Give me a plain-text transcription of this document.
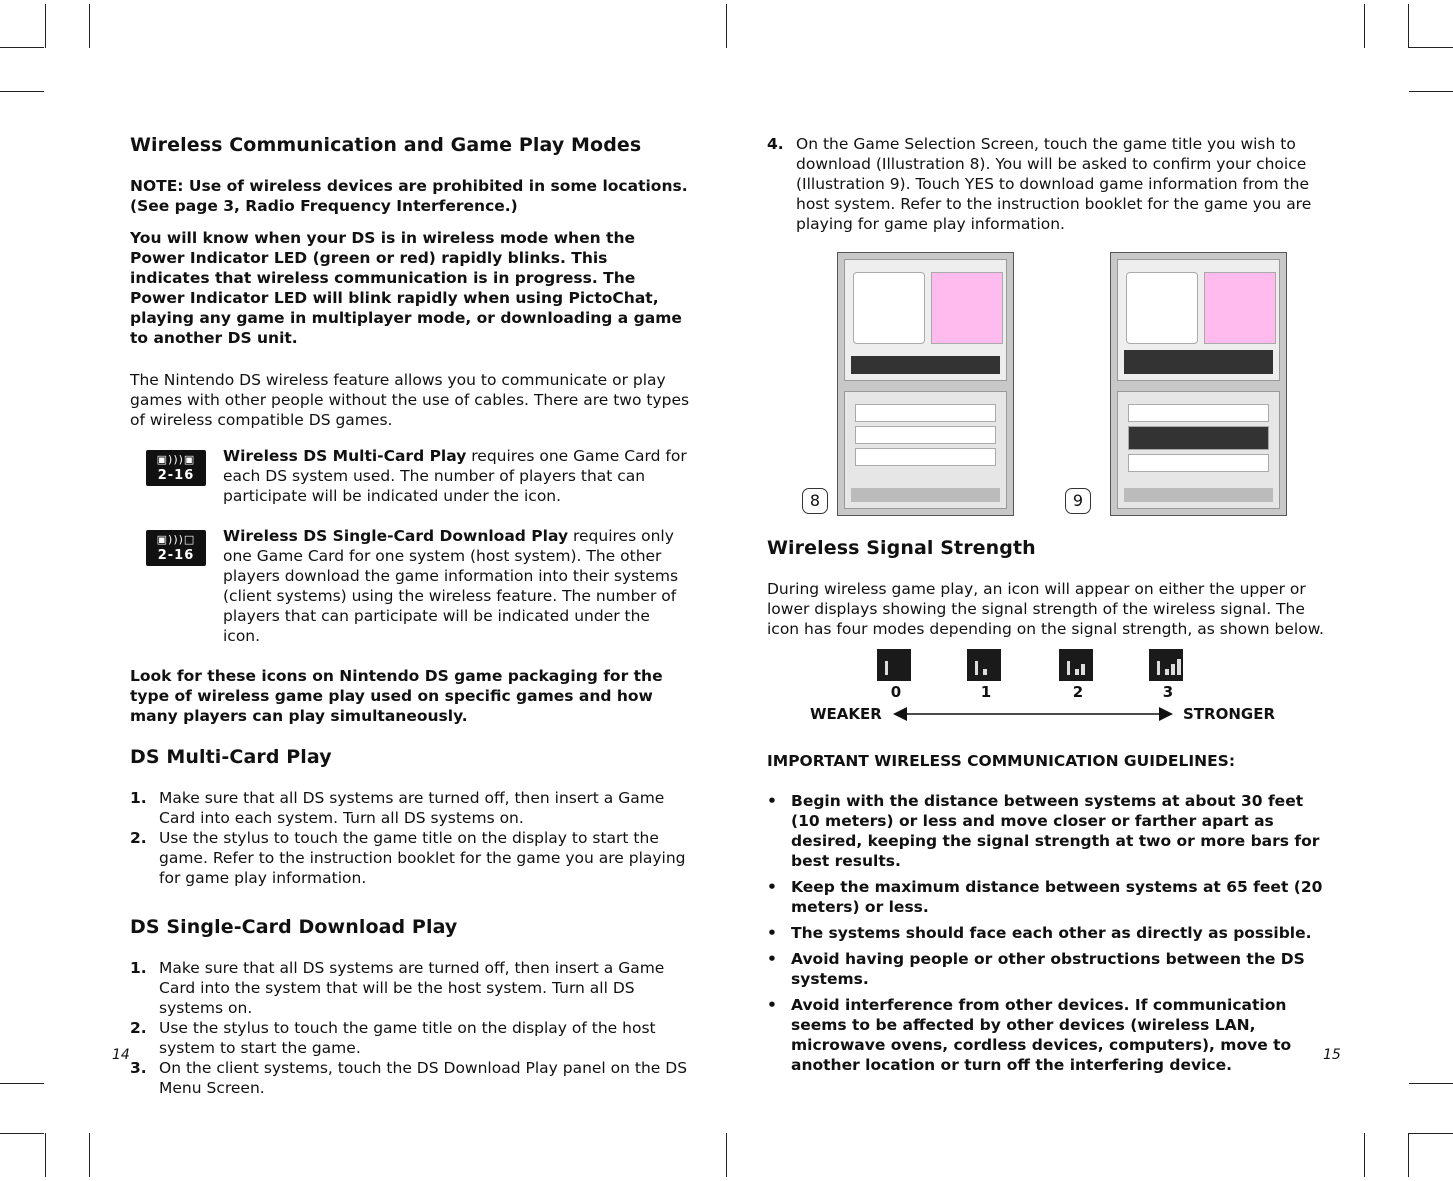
Wireless Communication and Game Play Modes

NOTE: Use of wireless devices are prohibited in some locations. (See page 3, Radio Frequency Interference.)

You will know when your DS is in wireless mode when the Power Indicator LED (green or red) rapidly blinks. This indicates that wireless communication is in progress. The Power Indicator LED will blink rapidly when using PictoChat, playing any game in multiplayer mode, or downloading a game to another DS unit.

The Nintendo DS wireless feature allows you to communicate or play games with other people without the use of cables. There are two types of wireless compatible DS games.

▣)))▣
2-16

Wireless DS Multi-Card Play requires one Game Card for each DS system used. The number of players that can participate will be indicated under the icon.

▣)))□
2-16

Wireless DS Single-Card Download Play requires only one Game Card for one system (host system). The other players download the game information into their systems (client systems) using the wireless feature. The number of players that can participate will be indicated under the icon.

Look for these icons on Nintendo DS game packaging for the type of wireless game play used on specific games and how many players can play simultaneously.

DS Multi-Card Play
1. Make sure that all DS systems are turned off, then insert a Game Card into each system. Turn all DS systems on.
2. Use the stylus to touch the game title on the display to start the game. Refer to the instruction booklet for the game you are playing for game play information.
DS Single-Card Download Play
1. Make sure that all DS systems are turned off, then insert a Game Card into the system that will be the host system. Turn all DS systems on.
2. Use the stylus to touch the game title on the display of the host system to start the game.
3. On the client systems, touch the DS Download Play panel on the DS Menu Screen.
14
4. On the Game Selection Screen, touch the game title you wish to download (Illustration 8). You will be asked to confirm your choice (Illustration 9). Touch YES to download game information from the host system. Refer to the instruction booklet for the game you are playing for game play information.
8	9
Wireless Signal Strength

During wireless game play, an icon will appear on either the upper or lower displays showing the signal strength of the wireless signal. The icon has four modes depending on the signal strength, as shown below.

0	1	2	3
WEAKER	STRONGER

IMPORTANT WIRELESS COMMUNICATION GUIDELINES:

• Begin with the distance between systems at about 30 feet (10 meters) or less and move closer or farther apart as desired, keeping the signal strength at two or more bars for best results.
• Keep the maximum distance between systems at 65 feet (20 meters) or less.
• The systems should face each other as directly as possible.
• Avoid having people or other obstructions between the DS systems.
• Avoid interference from other devices. If communication seems to be affected by other devices (wireless LAN, microwave ovens, cordless devices, computers), move to another location or turn off the interfering device.
15
